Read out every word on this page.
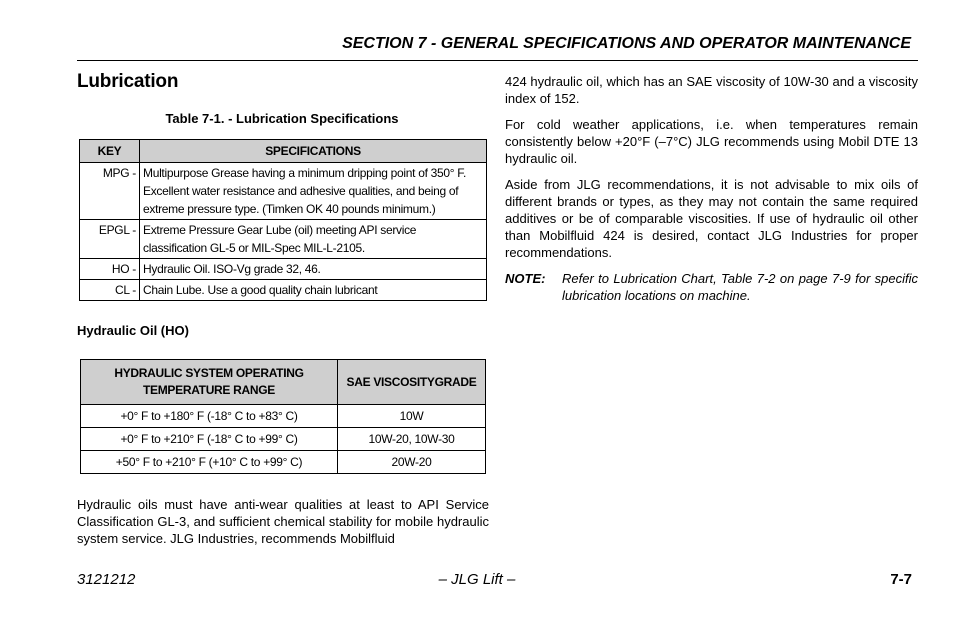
SECTION 7 - GENERAL SPECIFICATIONS AND OPERATOR MAINTENANCE
Lubrication
Table 7-1. - Lubrication Specifications
KEY	SPECIFICATIONS
MPG -	Multipurpose Grease having a minimum dripping point of 350° F. Excellent water resistance and adhesive qualities, and being of extreme pressure type. (Timken OK 40 pounds minimum.)
EPGL -	Extreme Pressure Gear Lube (oil) meeting API service classification GL-5 or MIL-Spec MIL-L-2105.
HO -	Hydraulic Oil. ISO-Vg grade 32, 46.
CL -	Chain Lube. Use a good quality chain lubricant
Hydraulic Oil (HO)
HYDRAULIC SYSTEM OPERATING TEMPERATURE RANGE	SAE VISCOSITYGRADE
+0° F to +180° F (-18° C to +83° C)	10W
+0° F to +210° F (-18° C to +99° C)	10W-20, 10W-30
+50° F to +210° F (+10° C to +99° C)	20W-20
Hydraulic oils must have anti-wear qualities at least to API Service Classification GL-3, and sufficient chemical stability for mobile hydraulic system service. JLG Industries, recommends Mobilfluid

424 hydraulic oil, which has an SAE viscosity of 10W-30 and a viscosity index of 152.

For cold weather applications, i.e. when temperatures remain consistently below +20°F (–7°C) JLG recommends using Mobil DTE 13 hydraulic oil.

Aside from JLG recommendations, it is not advisable to mix oils of different brands or types, as they may not contain the same required additives or be of comparable viscosities. If use of hydraulic oil other than Mobilfluid 424 is desired, contact JLG Industries for proper recommendations.

NOTE:	Refer to Lubrication Chart, Table 7-2 on page 7-9 for specific lubrication locations on machine.
3121212	– JLG Lift –	7-7
